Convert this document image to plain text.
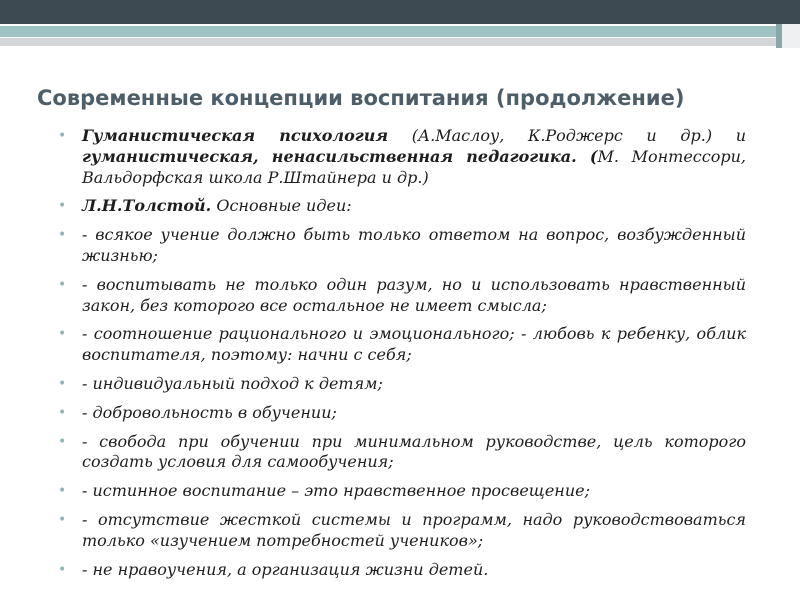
Современные концепции воспитания (продолжение)
• Гуманистическая психология (А.Маслоу, К.Роджерс и др.) и гуманистическая, ненасильственная педагогика. (М. Монтессори, Вальдорфская школа Р.Штайнера и др.)
• Л.Н.Толстой. Основные идеи:
• - всякое учение должно быть только ответом на вопрос, возбужденный жизнью;
• - воспитывать не только один разум, но и использовать нравственный закон, без которого все остальное не имеет смысла;
• - соотношение рационального и эмоционального; - любовь к ребенку, облик воспитателя, поэтому: начни с себя;
• - индивидуальный подход к детям;
• - добровольность в обучении;
• - свобода при обучении при минимальном руководстве, цель которого создать условия для самообучения;
• - истинное воспитание – это нравственное просвещение;
• - отсутствие жесткой системы и программ, надо руководствоваться только «изучением потребностей учеников»;
• - не нравоучения, а организация жизни детей.
